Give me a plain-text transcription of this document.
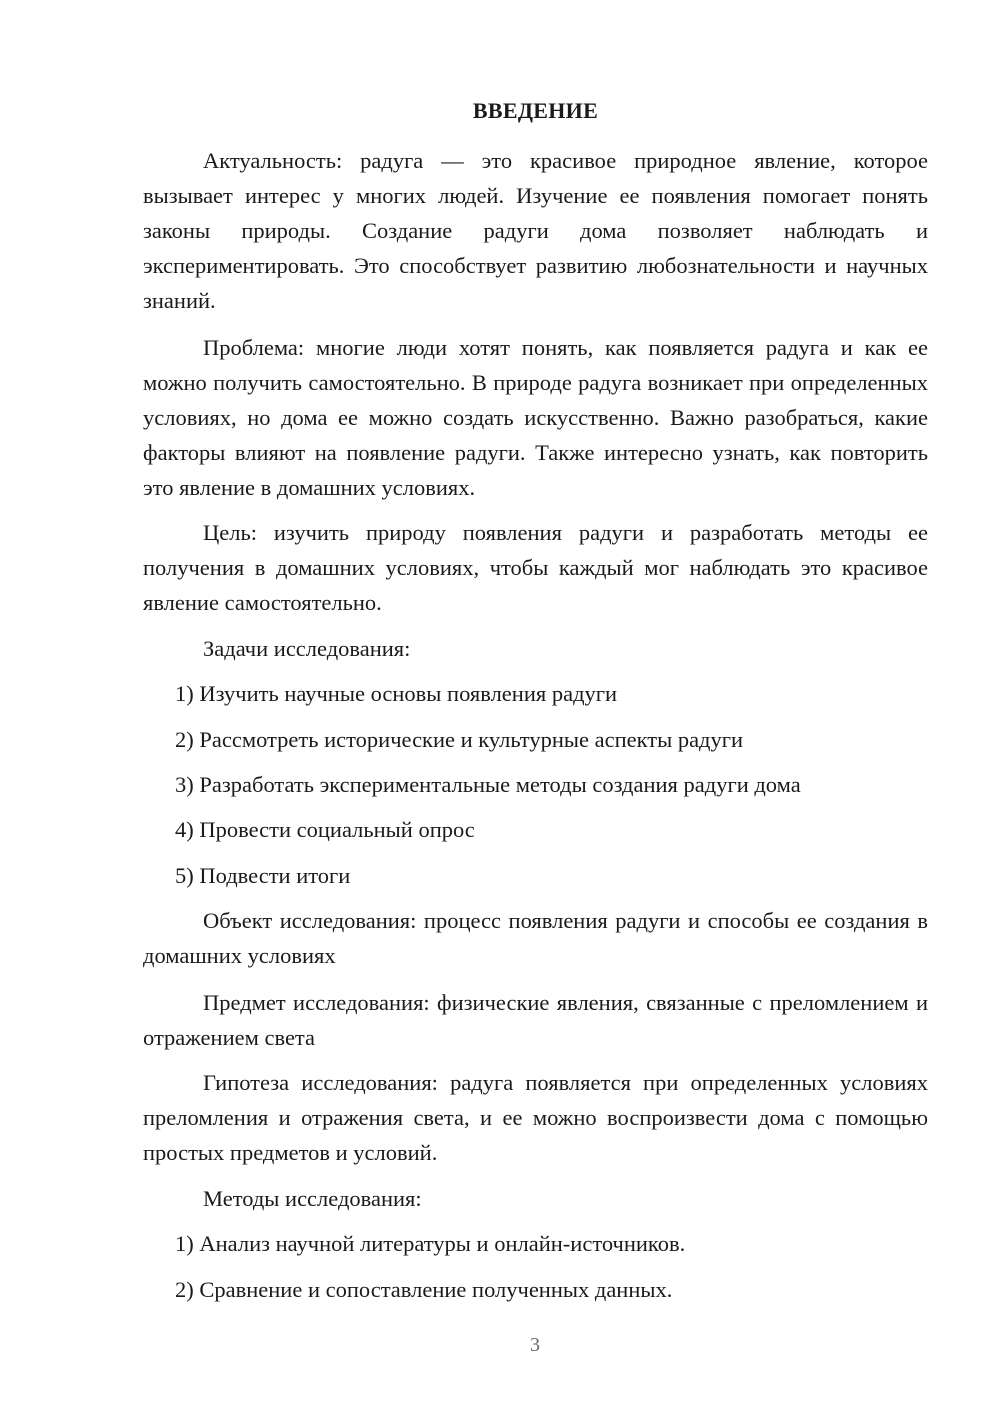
ВВЕДЕНИЕ

Актуальность: радуга — это красивое природное явление, которое вызывает интерес у многих людей. Изучение ее появления помогает понять законы природы. Создание радуги дома позволяет наблюдать и экспериментировать. Это способствует развитию любознательности и научных знаний.

Проблема: многие люди хотят понять, как появляется радуга и как ее можно получить самостоятельно. В природе радуга возникает при определенных условиях, но дома ее можно создать искусственно. Важно разобраться, какие факторы влияют на появление радуги. Также интересно узнать, как повторить это явление в домашних условиях.

Цель: изучить природу появления радуги и разработать методы ее получения в домашних условиях, чтобы каждый мог наблюдать это красивое явление самостоятельно.

Задачи исследования:

1) Изучить научные основы появления радуги

2) Рассмотреть исторические и культурные аспекты радуги

3) Разработать экспериментальные методы создания радуги дома

4) Провести социальный опрос

5) Подвести итоги

Объект исследования: процесс появления радуги и способы ее создания в домашних условиях

Предмет исследования: физические явления, связанные с преломлением и отражением света

Гипотеза исследования: радуга появляется при определенных условиях преломления и отражения света, и ее можно воспроизвести дома с помощью простых предметов и условий.

Методы исследования:

1) Анализ научной литературы и онлайн-источников.

2) Сравнение и сопоставление полученных данных.

3
